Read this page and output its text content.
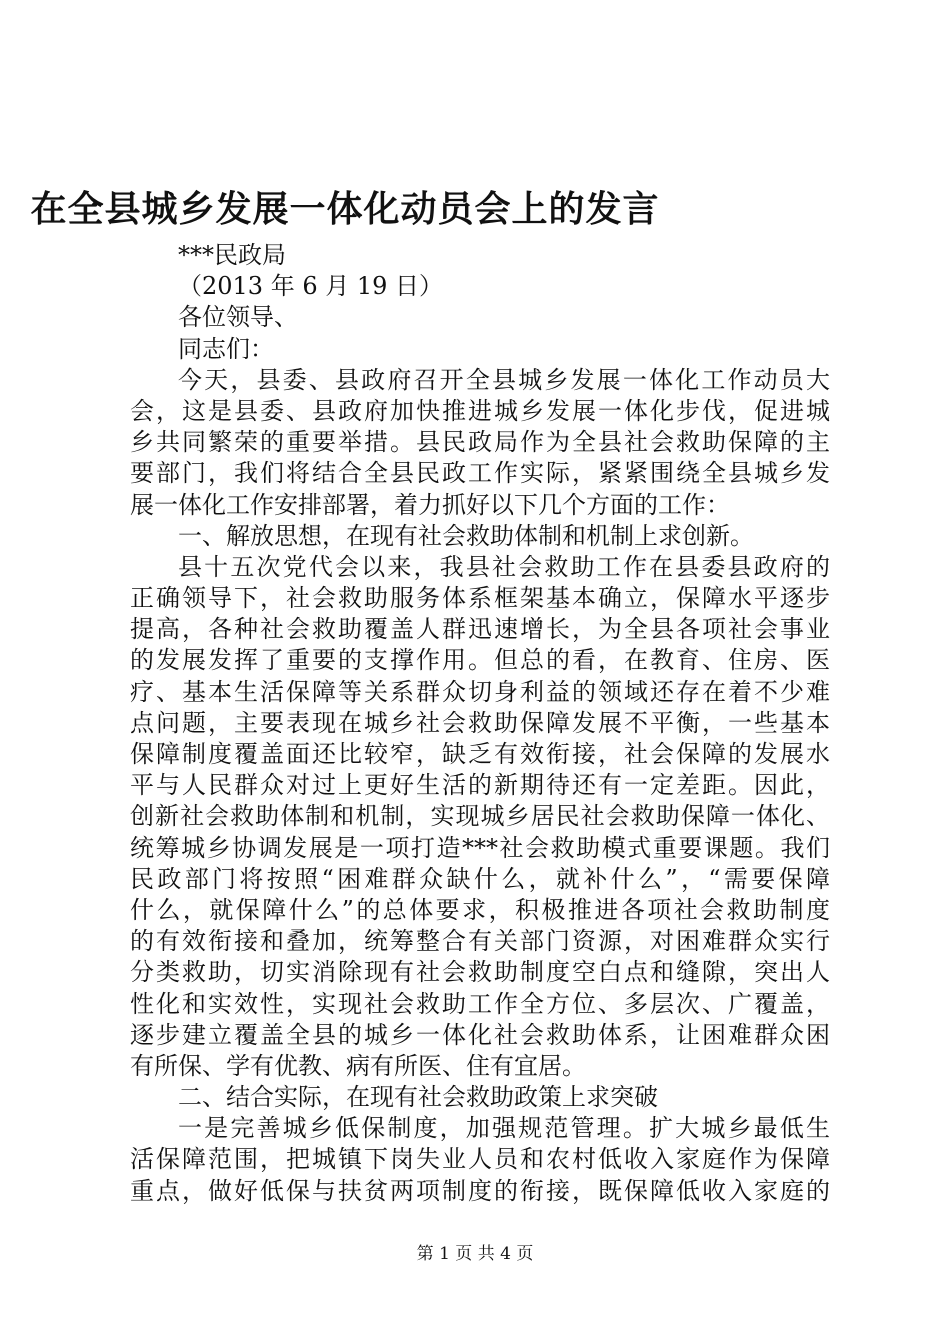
在全县城乡发展一体化动员会上的发言
***民政局
（2013 年 6 月 19 日）
各位领导、
同志们：
今天，县委、县政府召开全县城乡发展一体化工作动员大
会，这是县委、县政府加快推进城乡发展一体化步伐，促进城
乡共同繁荣的重要举措。县民政局作为全县社会救助保障的主
要部门，我们将结合全县民政工作实际，紧紧围绕全县城乡发
展一体化工作安排部署，着力抓好以下几个方面的工作：
一、解放思想，在现有社会救助体制和机制上求创新。
县十五次党代会以来，我县社会救助工作在县委县政府的
正确领导下，社会救助服务体系框架基本确立，保障水平逐步
提高，各种社会救助覆盖人群迅速增长，为全县各项社会事业
的发展发挥了重要的支撑作用。但总的看，在教育、住房、医
疗、基本生活保障等关系群众切身利益的领域还存在着不少难
点问题，主要表现在城乡社会救助保障发展不平衡，一些基本
保障制度覆盖面还比较窄，缺乏有效衔接，社会保障的发展水
平与人民群众对过上更好生活的新期待还有一定差距。因此，
创新社会救助体制和机制，实现城乡居民社会救助保障一体化、
统筹城乡协调发展是一项打造***社会救助模式重要课题。我们
民政部门将按照“困难群众缺什么，就补什么”，“需要保障
什么，就保障什么”的总体要求，积极推进各项社会救助制度
的有效衔接和叠加，统筹整合有关部门资源，对困难群众实行
分类救助，切实消除现有社会救助制度空白点和缝隙，突出人
性化和实效性，实现社会救助工作全方位、多层次、广覆盖，
逐步建立覆盖全县的城乡一体化社会救助体系，让困难群众困
有所保、学有优教、病有所医、住有宜居。
二、结合实际，在现有社会救助政策上求突破
一是完善城乡低保制度，加强规范管理。扩大城乡最低生
活保障范围，把城镇下岗失业人员和农村低收入家庭作为保障
重点，做好低保与扶贫两项制度的衔接，既保障低收入家庭的
第 1 页 共 4 页
